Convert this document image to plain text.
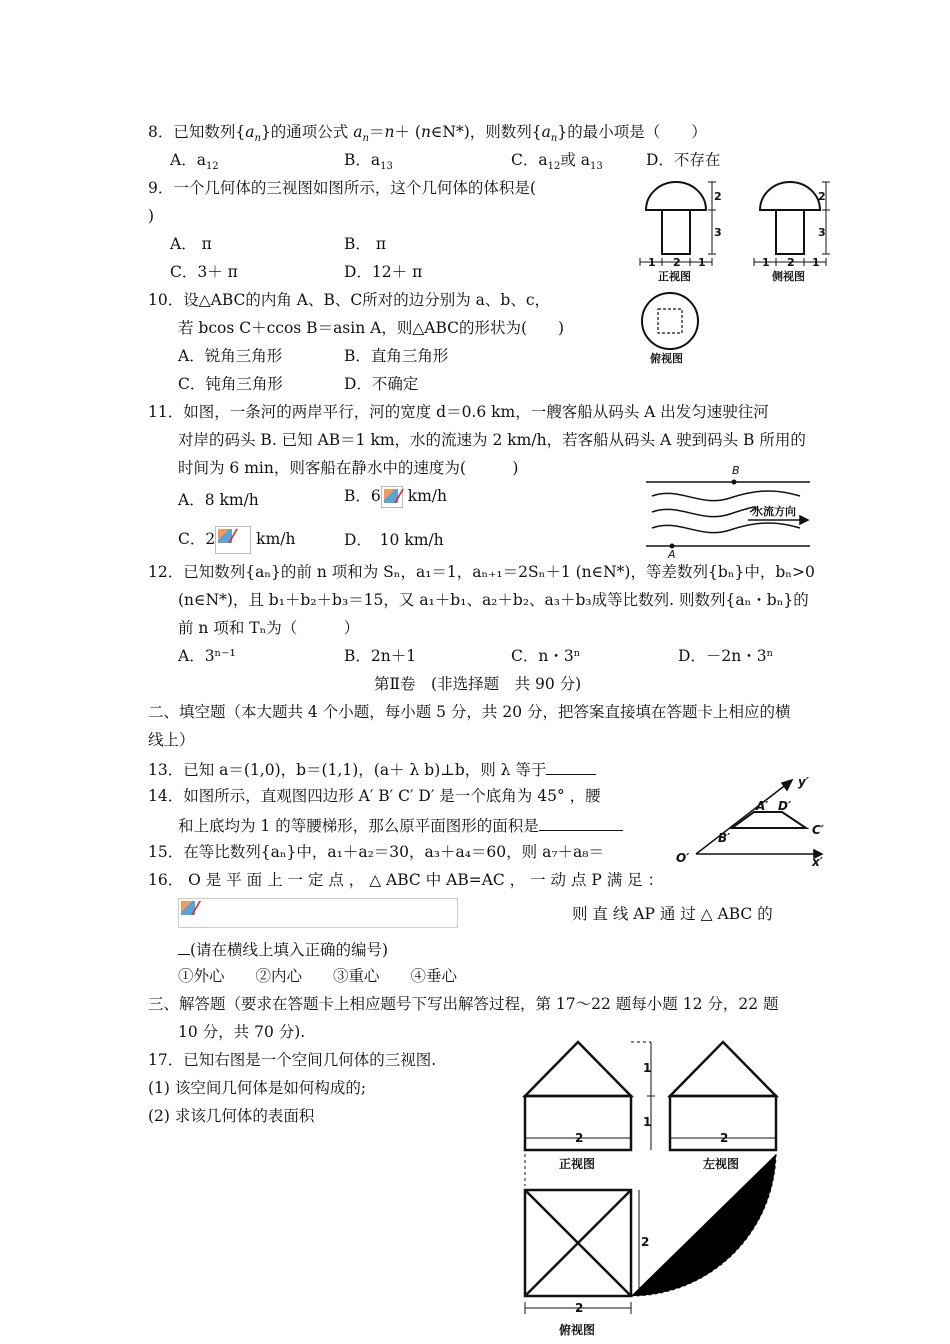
8．已知数列$\{a_n\}$的通项公式 $a_n=n+$ (n∈N*)，则数列$\{a_n\}$的最小项是（　　）
A．$a_{12}$	B．$a_{13}$	C．$a_{12}$或 $a_{13}$	D．不存在
9．一个几何体的三视图如图所示，这个几何体的体积是(
)
A． π	B． π
C．3＋ π	D．12＋ π
2
3
1 2 1
2
3
1 2 1
正视图	侧视图
俯视图
10．设△ABC的内角 A、B、C所对的边分别为 a、b、c，
若 bcos C＋ccos B＝asin A，则△ABC的形状为(　　)
A．锐角三角形	B．直角三角形
C．钝角三角形	D．不确定
11．如图，一条河的两岸平行，河的宽度 d＝0.6 km，一艘客船从码头 A 出发匀速驶往河
对岸的码头 B. 已知 AB＝1 km，水的流速为 2 km/h，若客船从码头 A 驶到码头 B 所用的
时间为 6 min，则客船在静水中的速度为(　　　)
A．8 km/h	B．6 km/h
C．2	km/h	D．　10 km/h
B
A
水流方向
12．已知数列{aₙ}的前 n 项和为 Sₙ，a₁＝1，aₙ₊₁＝2Sₙ＋1 (n∈N*)，等差数列{bₙ}中，bₙ>0
(n∈N*)，且 b₁＋b₂＋b₃＝15，又 a₁＋b₁、a₂＋b₂、a₃＋b₃成等比数列. 则数列{aₙ・bₙ}的
前 n 项和 Tₙ为（　　　）
A．3ⁿ⁻¹	B．2n＋1	C．n・3ⁿ	D．－2n・3ⁿ
第Ⅱ卷　(非选择题　共 90 分)
二、填空题（本大题共 4 个小题，每小题 5 分，共 20 分，把答案直接填在答题卡上相应的横
线上）
13．已知 a＝(1,0)，b＝(1,1)，(a＋ λ b)⊥b，则 λ 等于
14．如图所示，直观图四边形 A′ B′ C′ D′ 是一个底角为 45° ，腰
和上底均为 1 的等腰梯形，那么原平面图形的面积是
y′
x′
O′
A′ D′
B′
C′
15．在等比数列{aₙ}中，a₁＋a₂＝30，a₃＋a₄＝60，则 a₇＋a₈＝
16． O 是 平 面 上 一 定 点 ， △ ABC 中 AB=AC ， 一 动 点 P 满 足 ：
则 直 线 AP 通 过 △ ABC 的
(请在横线上填入正确的编号)
①外心　　②内心　　③重心　　④垂心
三、解答题（要求在答题卡上相应题号下写出解答过程，第 17～22 题每小题 12 分，22 题
10 分，共 70 分).
17．已知右图是一个空间几何体的三视图.
(1) 该空间几何体是如何构成的;
(2) 求该几何体的表面积
1
1
2	2
2
2
正视图	左视图
俯视图
